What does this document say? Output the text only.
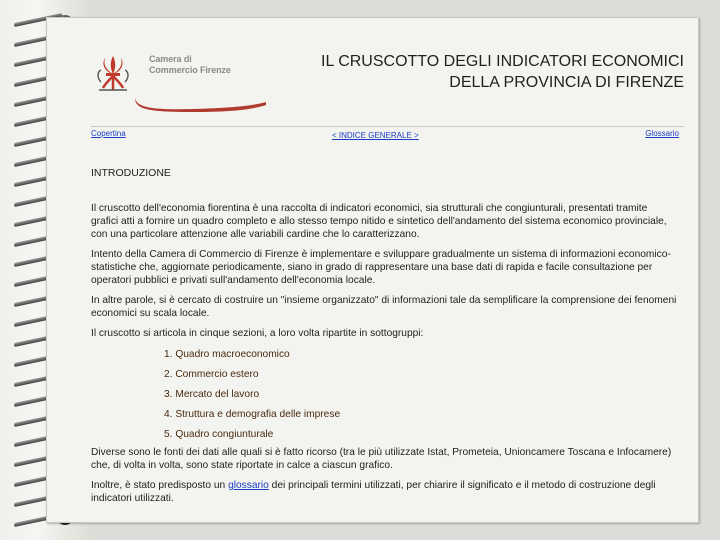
Camera di Commercio Firenze	IL CRUSCOTTO DEGLI INDICATORI ECONOMICI
DELLA PROVINCIA DI FIRENZE
Copertina	< INDICE GENERALE >	Glossario
INTRODUZIONE

Il cruscotto dell'economia fiorentina è una raccolta di indicatori economici, sia strutturali che congiunturali, presentati tramite grafici atti a fornire un quadro completo e allo stesso tempo nitido e sintetico dell'andamento del sistema economico provinciale, con una particolare attenzione alle variabili cardine che lo caratterizzano.

Intento della Camera di Commercio di Firenze è implementare e sviluppare gradualmente un sistema di informazioni economico-statistiche che, aggiornate periodicamente, siano in grado di rappresentare una base dati di rapida e facile consultazione per operatori pubblici e privati sull'andamento dell'economia locale.

In altre parole, si è cercato di costruire un "insieme organizzato" di informazioni tale da semplificare la comprensione dei fenomeni economici su scala locale.

Il cruscotto si articola in cinque sezioni, a loro volta ripartite in sottogruppi:

1. Quadro macroeconomico
2. Commercio estero
3. Mercato del lavoro
4. Struttura e demografia delle imprese
5. Quadro congiunturale

Diverse sono le fonti dei dati alle quali si è fatto ricorso (tra le più utilizzate Istat, Prometeia, Unioncamere Toscana e Infocamere) che, di volta in volta, sono state riportate in calce a ciascun grafico.

Inoltre, è stato predisposto un glossario dei principali termini utilizzati, per chiarire il significato e il metodo di costruzione degli indicatori utilizzati.
